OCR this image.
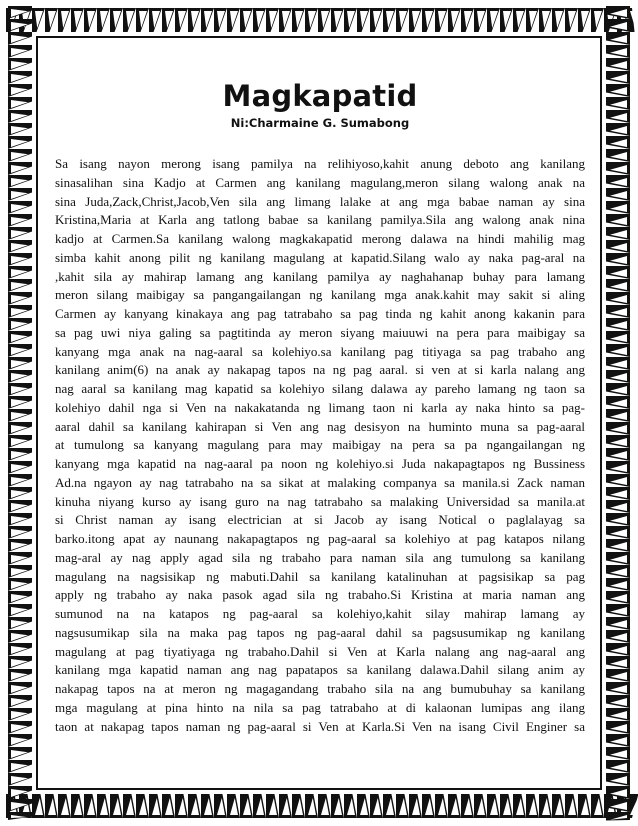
Magkapatid
Ni:Charmaine G. Sumabong
Sa isang nayon merong isang pamilya na relihiyoso,kahit anung deboto ang kanilang
sinasalihan sina Kadjo at Carmen ang kanilang magulang,meron silang walong anak na
sina Juda,Zack,Christ,Jacob,Ven sila ang limang lalake at ang mga babae naman ay sina
Kristina,Maria at Karla ang tatlong babae sa kanilang pamilya.Sila ang walong anak nina
kadjo at Carmen.Sa kanilang walong magkakapatid merong dalawa na hindi mahilig mag
simba kahit anong pilit ng kanilang magulang at kapatid.Silang walo ay naka pag-aral na
,kahit sila ay mahirap lamang ang kanilang pamilya ay naghahanap buhay para lamang
meron silang maibigay sa pangangailangan ng kanilang mga anak.kahit may sakit si aling
Carmen ay kanyang kinakaya ang pag tatrabaho sa pag tinda ng kahit anong kakanin para
sa pag uwi niya galing sa pagtitinda ay meron siyang maiuuwi na pera para maibigay sa
kanyang mga anak na nag-aaral sa kolehiyo.sa kanilang pag titiyaga sa pag trabaho ang
kanilang anim(6) na anak ay nakapag tapos na ng pag aaral. si ven at si karla nalang ang
nag aaral sa kanilang mag kapatid sa kolehiyo silang dalawa ay pareho lamang ng taon sa
kolehiyo dahil nga si Ven na nakakatanda ng limang taon ni karla ay naka hinto sa pag-
aaral dahil sa kanilang kahirapan si Ven ang nag desisyon na huminto muna sa pag-aaral
at tumulong sa kanyang magulang para may maibigay na pera sa pa ngangailangan ng
kanyang mga kapatid na nag-aaral pa noon ng kolehiyo.si Juda nakapagtapos ng Bussiness
Ad.na ngayon ay nag tatrabaho na sa sikat at malaking companya sa manila.si Zack naman
kinuha niyang kurso ay isang guro na nag tatrabaho sa malaking Universidad sa manila.at
si Christ naman ay isang electrician at si Jacob ay isang Notical o paglalayag sa
barko.itong apat ay naunang nakapagtapos ng pag-aaral sa kolehiyo at pag katapos nilang
mag-aral ay nag apply agad sila ng trabaho para naman sila ang tumulong sa kanilang
magulang na nagsisikap ng mabuti.Dahil sa kanilang katalinuhan at pagsisikap sa pag
apply ng trabaho ay naka pasok agad sila ng trabaho.Si Kristina at maria naman ang
sumunod na na katapos ng pag-aaral sa kolehiyo,kahit silay mahirap lamang ay
nagsusumikap sila na maka pag tapos ng pag-aaral dahil sa pagsusumikap ng kanilang
magulang at pag tiyatiyaga ng trabaho.Dahil si Ven at Karla nalang ang nag-aaral ang
kanilang mga kapatid naman ang nag papatapos sa kanilang dalawa.Dahil silang anim ay
nakapag tapos na at meron ng magagandang trabaho sila na ang bumubuhay sa kanilang
mga magulang at pina hinto na nila sa pag tatrabaho at di kalaonan lumipas ang ilang
taon at nakapag tapos naman ng pag-aaral si Ven at Karla.Si Ven na isang Civil Enginer sa
